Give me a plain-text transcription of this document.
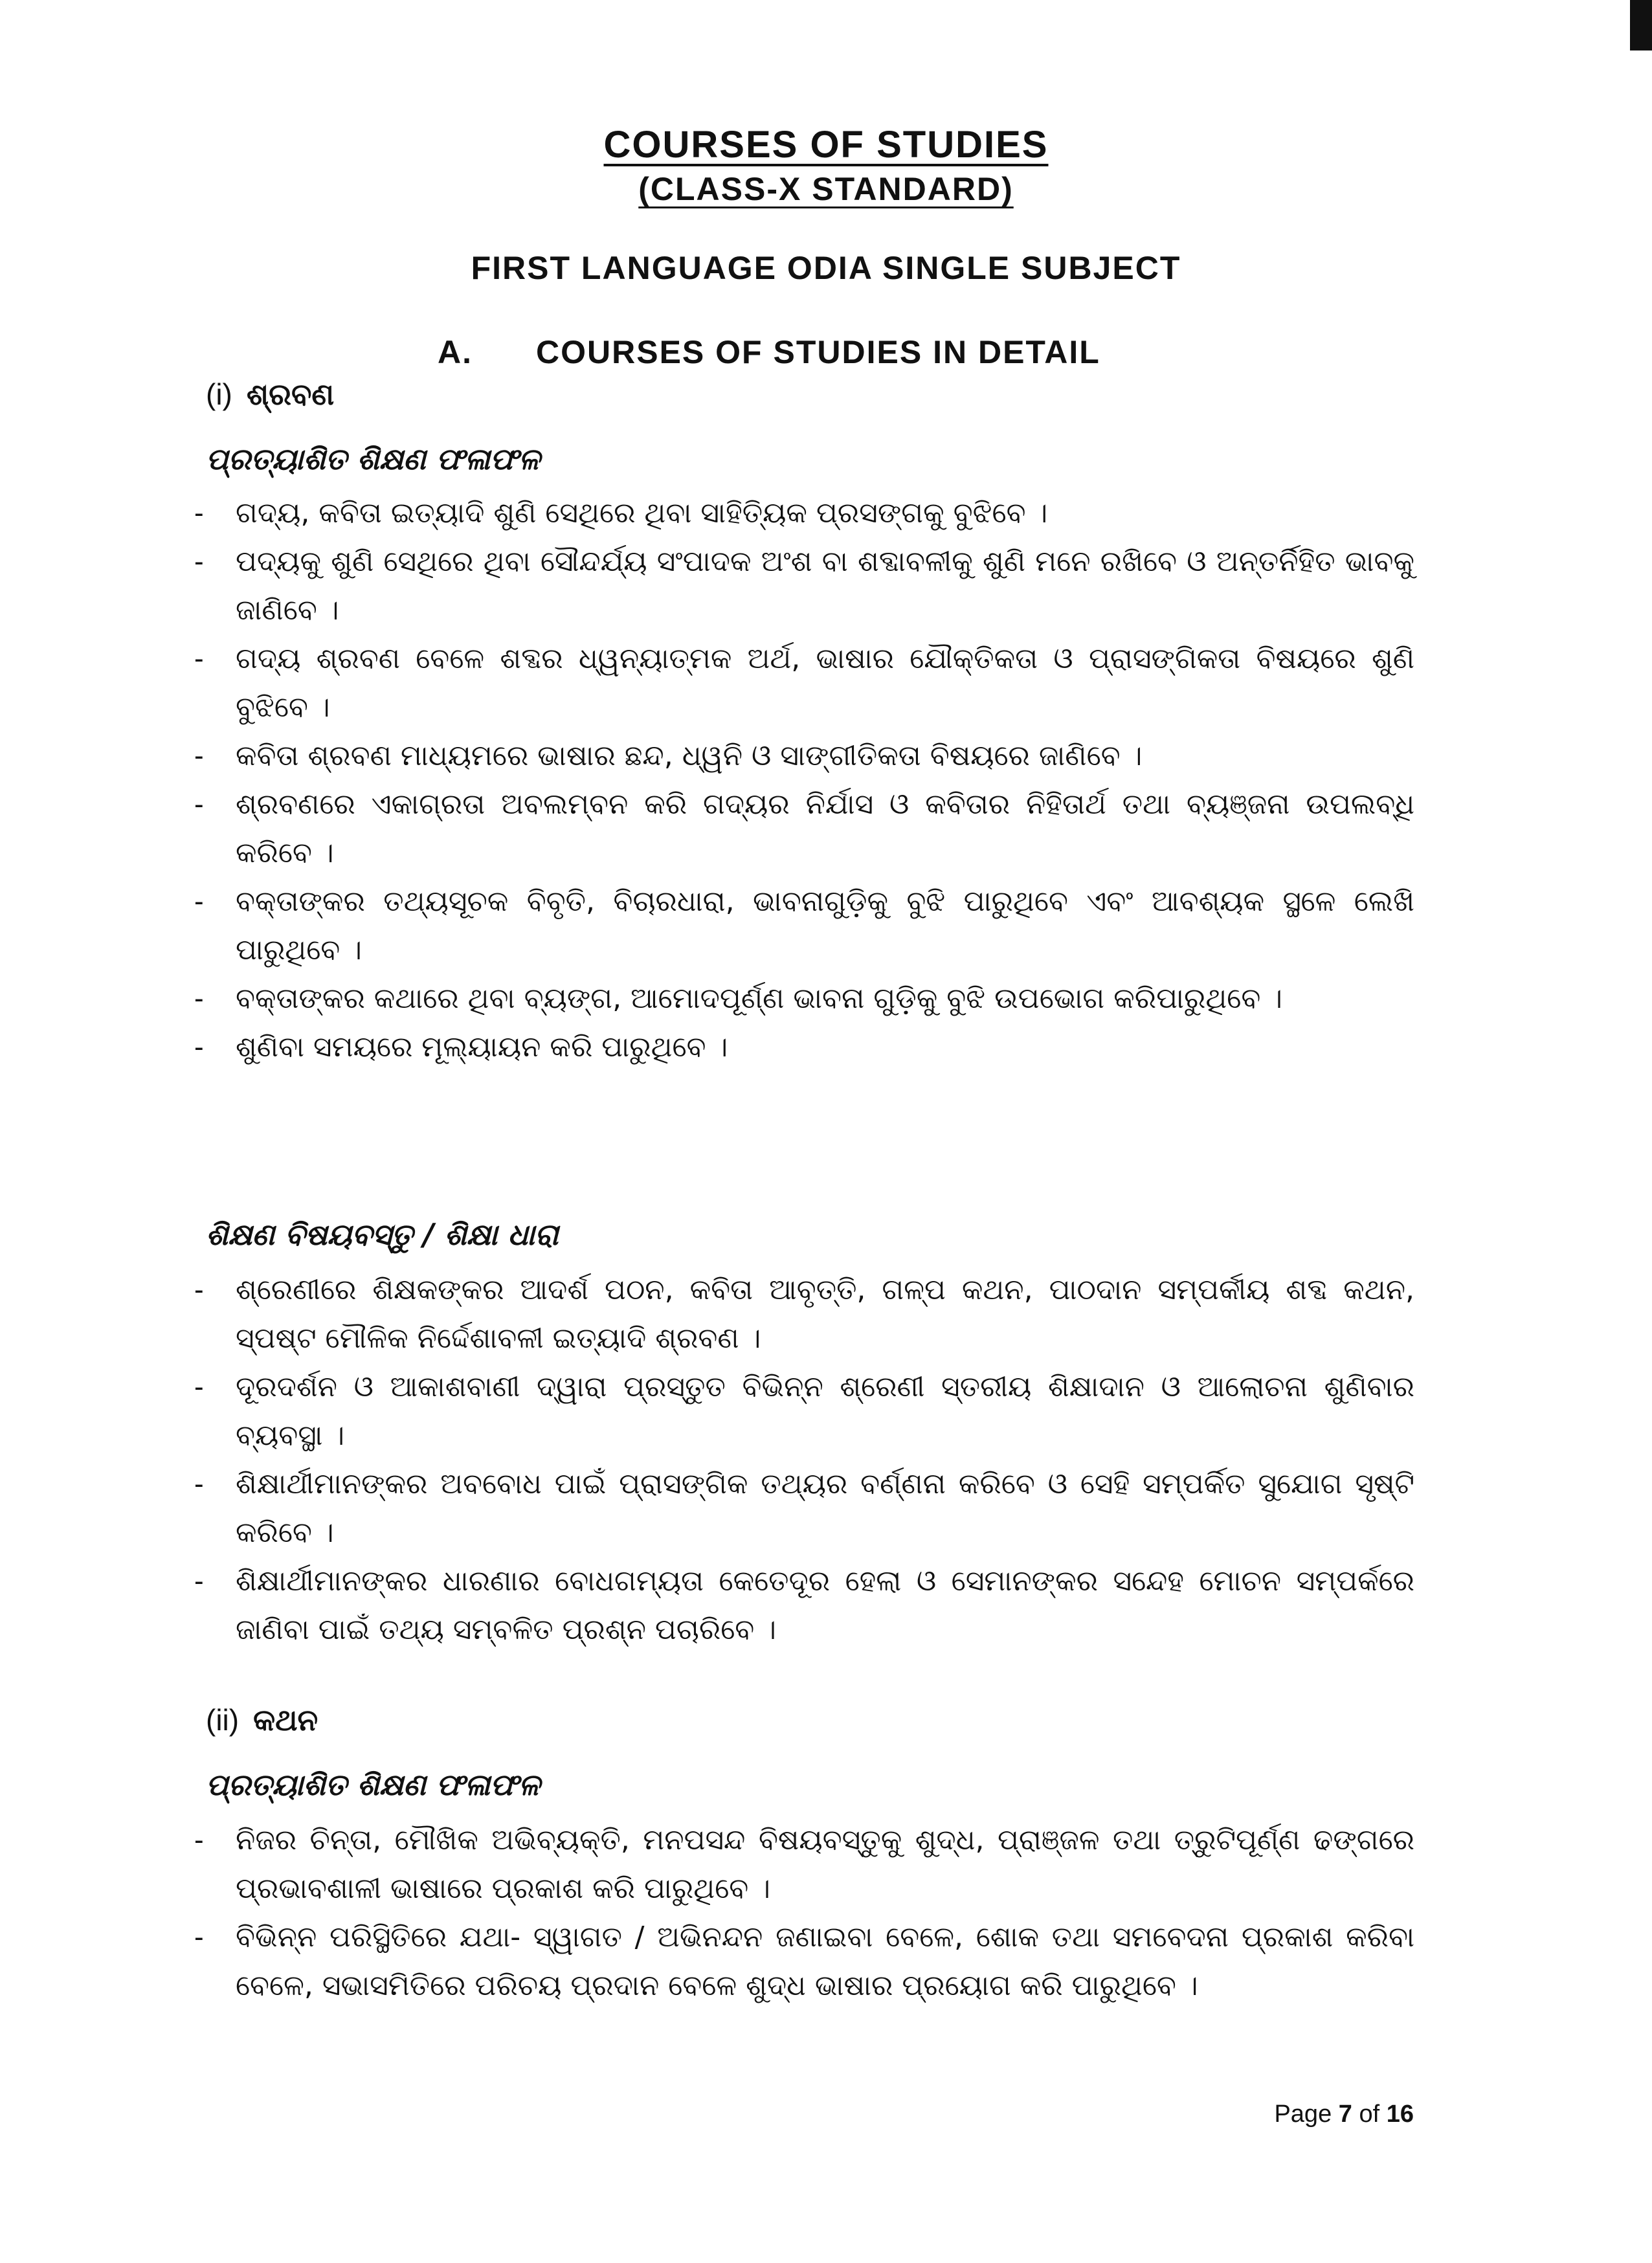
COURSES OF STUDIES
(CLASS-X STANDARD)
FIRST LANGUAGE ODIA SINGLE SUBJECT
A. COURSES OF STUDIES IN DETAIL
(i) ଶ୍ରବଣ
ପ୍ରତ୍ୟାଶିତ ଶିକ୍ଷଣ ଫଳାଫଳ
- ଗଦ୍ୟ, କବିତା ଇତ୍ୟାଦି ଶୁଣି ସେଥିରେ ଥିବା ସାହିତ୍ୟିକ ପ୍ରସଙ୍ଗକୁ ବୁଝିବେ ।
- ପଦ୍ୟକୁ ଶୁଣି ସେଥିରେ ଥିବା ସୌନ୍ଦର୍ଯ୍ୟ ସଂପାଦକ ଅଂଶ ବା ଶବ୍ଦାବଳୀକୁ ଶୁଣି ମନେ ରଖିବେ ଓ ଅନ୍ତର୍ନିହିତ ଭାବକୁ ଜାଣିବେ ।
- ଗଦ୍ୟ ଶ୍ରବଣ ବେଳେ ଶବ୍ଦର ଧ୍ୱନ୍ୟାତ୍ମକ ଅର୍ଥ, ଭାଷାର ଯୌକ୍ତିକତା ଓ ପ୍ରାସଙ୍ଗିକତା ବିଷୟରେ ଶୁଣି ବୁଝିବେ ।
- କବିତା ଶ୍ରବଣ ମାଧ୍ୟମରେ ଭାଷାର ଛନ୍ଦ, ଧ୍ୱନି ଓ ସାଙ୍ଗୀତିକତା ବିଷୟରେ ଜାଣିବେ ।
- ଶ୍ରବଣରେ ଏକାଗ୍ରତା ଅବଲମ୍ବନ କରି ଗଦ୍ୟର ନିର୍ଯାସ ଓ କବିତାର ନିହିତାର୍ଥ ତଥା ବ୍ୟଞ୍ଜନା ଉପଲବ୍ଧି କରିବେ ।
- ବକ୍ତାଙ୍କର ତଥ୍ୟସୂଚକ ବିବୃତି, ବିଚାରଧାରା, ଭାବନାଗୁଡ଼ିକୁ ବୁଝି ପାରୁଥିବେ ଏବଂ ଆବଶ୍ୟକ ସ୍ଥଳେ ଲେଖି ପାରୁଥିବେ ।
- ବକ୍ତାଙ୍କର କଥାରେ ଥିବା ବ୍ୟଙ୍ଗ, ଆମୋଦପୂର୍ଣ୍ଣ ଭାବନା ଗୁଡ଼ିକୁ ବୁଝି ଉପଭୋଗ କରିପାରୁଥିବେ ।
- ଶୁଣିବା ସମୟରେ ମୂଲ୍ୟାୟନ କରି ପାରୁଥିବେ ।
ଶିକ୍ଷଣ ବିଷୟବସ୍ତୁ / ଶିକ୍ଷା ଧାରା
- ଶ୍ରେଣୀରେ ଶିକ୍ଷକଙ୍କର ଆଦର୍ଶ ପଠନ, କବିତା ଆବୃତ୍ତି, ଗଳ୍ପ କଥନ, ପାଠଦାନ ସମ୍ପର୍କୀୟ ଶବ୍ଦ କଥନ, ସ୍ପଷ୍ଟ ମୌଳିକ ନିର୍ଦ୍ଦେଶାବଳୀ ଇତ୍ୟାଦି ଶ୍ରବଣ ।
- ଦୂରଦର୍ଶନ ଓ ଆକାଶବାଣୀ ଦ୍ୱାରା ପ୍ରସ୍ତୁତ ବିଭିନ୍ନ ଶ୍ରେଣୀ ସ୍ତରୀୟ ଶିକ୍ଷାଦାନ ଓ ଆଲୋଚନା ଶୁଣିବାର ବ୍ୟବସ୍ଥା ।
- ଶିକ୍ଷାର୍ଥୀମାନଙ୍କର ଅବବୋଧ ପାଇଁ ପ୍ରାସଙ୍ଗିକ ତଥ୍ୟର ବର୍ଣ୍ଣନା କରିବେ ଓ ସେହି ସମ୍ପର୍କିତ ସୁଯୋଗ ସୃଷ୍ଟି କରିବେ ।
- ଶିକ୍ଷାର୍ଥୀମାନଙ୍କର ଧାରଣାର ବୋଧଗମ୍ୟତା କେତେଦୂର ହେଲା ଓ ସେମାନଙ୍କର ସନ୍ଦେହ ମୋଚନ ସମ୍ପର୍କରେ ଜାଣିବା ପାଇଁ ତଥ୍ୟ ସମ୍ବଳିତ ପ୍ରଶ୍ନ ପଚାରିବେ ।
(ii) କଥନ
ପ୍ରତ୍ୟାଶିତ ଶିକ୍ଷଣ ଫଳାଫଳ
- ନିଜର ଚିନ୍ତା, ମୌଖିକ ଅଭିବ୍ୟକ୍ତି, ମନପସନ୍ଦ ବିଷୟବସ୍ତୁକୁ ଶୁଦ୍ଧ, ପ୍ରାଞ୍ଜଳ ତଥା ତ୍ରୁଟିପୂର୍ଣ୍ଣ ଢଙ୍ଗରେ ପ୍ରଭାବଶାଳୀ ଭାଷାରେ ପ୍ରକାଶ କରି ପାରୁଥିବେ ।
- ବିଭିନ୍ନ ପରିସ୍ଥିତିରେ ଯଥା- ସ୍ୱାଗତ / ଅଭିନନ୍ଦନ ଜଣାଇବା ବେଳେ, ଶୋକ ତଥା ସମବେଦନା ପ୍ରକାଶ କରିବା ବେଳେ, ସଭାସମିତିରେ ପରିଚୟ ପ୍ରଦାନ ବେଳେ ଶୁଦ୍ଧ ଭାଷାର ପ୍ରୟୋଗ କରି ପାରୁଥିବେ ।
Page 7 of 16
